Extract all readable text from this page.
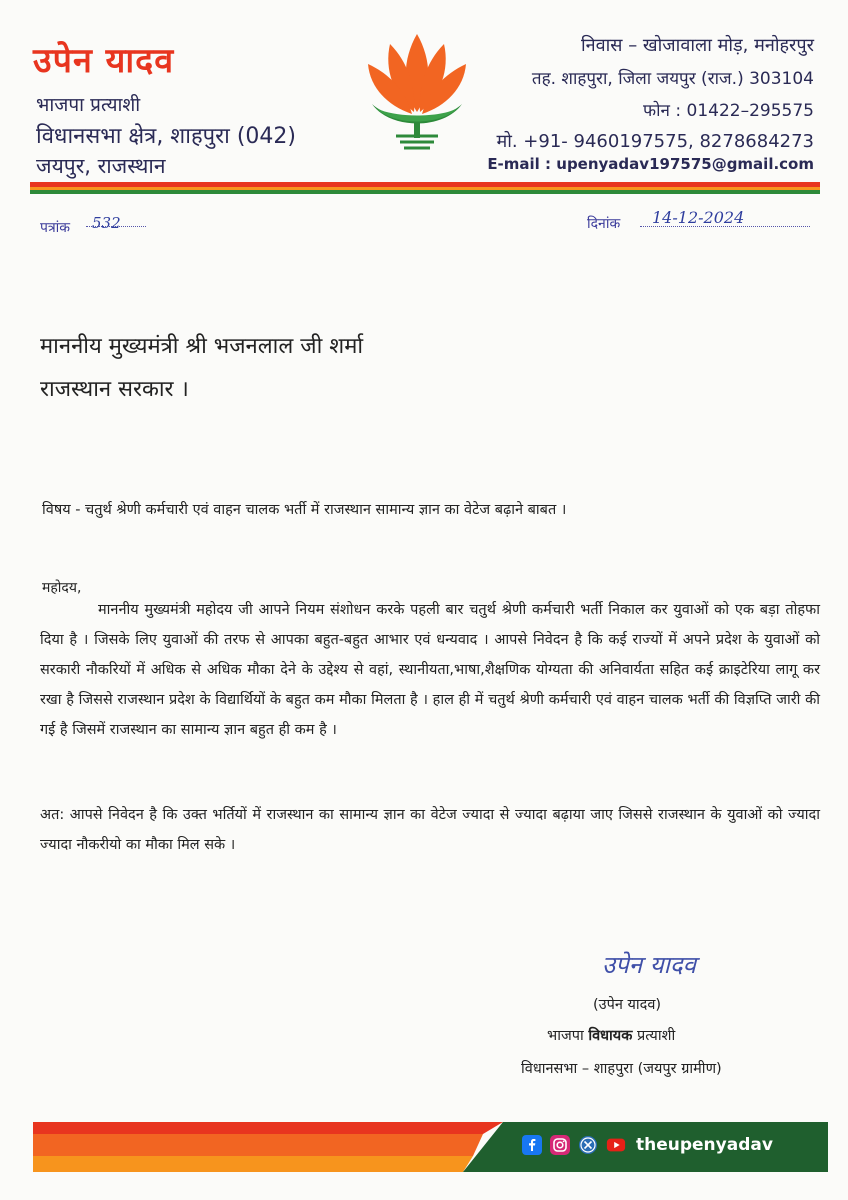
उपेन यादव
भाजपा प्रत्याशी
विधानसभा क्षेत्र, शाहपुरा (042)
जयपुर, राजस्थान
निवास – खोजावाला मोड़, मनोहरपुर
तह. शाहपुरा, जिला जयपुर (राज.) 303104
फोन : 01422–295575
मो. +91- 9460197575, 8278684273
E-mail : upenyadav197575@gmail.com
पत्रांक 532	दिनांक 14-12-2024
माननीय मुख्यमंत्री श्री भजनलाल जी शर्मा
राजस्थान सरकार ।
विषय - चतुर्थ श्रेणी कर्मचारी एवं वाहन चालक भर्ती में राजस्थान सामान्य ज्ञान का वेटेज बढ़ाने बाबत ।
महोदय,
माननीय मुख्यमंत्री महोदय जी आपने नियम संशोधन करके पहली बार चतुर्थ श्रेणी कर्मचारी भर्ती निकाल कर युवाओं को एक बड़ा तोहफा दिया है । जिसके लिए युवाओं की तरफ से आपका बहुत-बहुत आभार एवं धन्यवाद । आपसे निवेदन है कि कई राज्यों में अपने प्रदेश के युवाओं को सरकारी नौकरियों में अधिक से अधिक मौका देने के उद्देश्य से वहां, स्थानीयता,भाषा,शैक्षणिक योग्यता की अनिवार्यता सहित कई क्राइटेरिया लागू कर रखा है जिससे राजस्थान प्रदेश के विद्यार्थियों के बहुत कम मौका मिलता है । हाल ही में चतुर्थ श्रेणी कर्मचारी एवं वाहन चालक भर्ती की विज्ञप्ति जारी की गई है जिसमें राजस्थान का सामान्य ज्ञान बहुत ही कम है ।
अत: आपसे निवेदन है कि उक्त भर्तियों में राजस्थान का सामान्य ज्ञान का वेटेज ज्यादा से ज्यादा बढ़ाया जाए जिससे राजस्थान के युवाओं को ज्यादा ज्यादा नौकरीयो का मौका मिल सके ।
उपेन यादव
(उपेन यादव)
भाजपा विधायक प्रत्याशी
विधानसभा – शाहपुरा (जयपुर ग्रामीण)
theupenyadav
